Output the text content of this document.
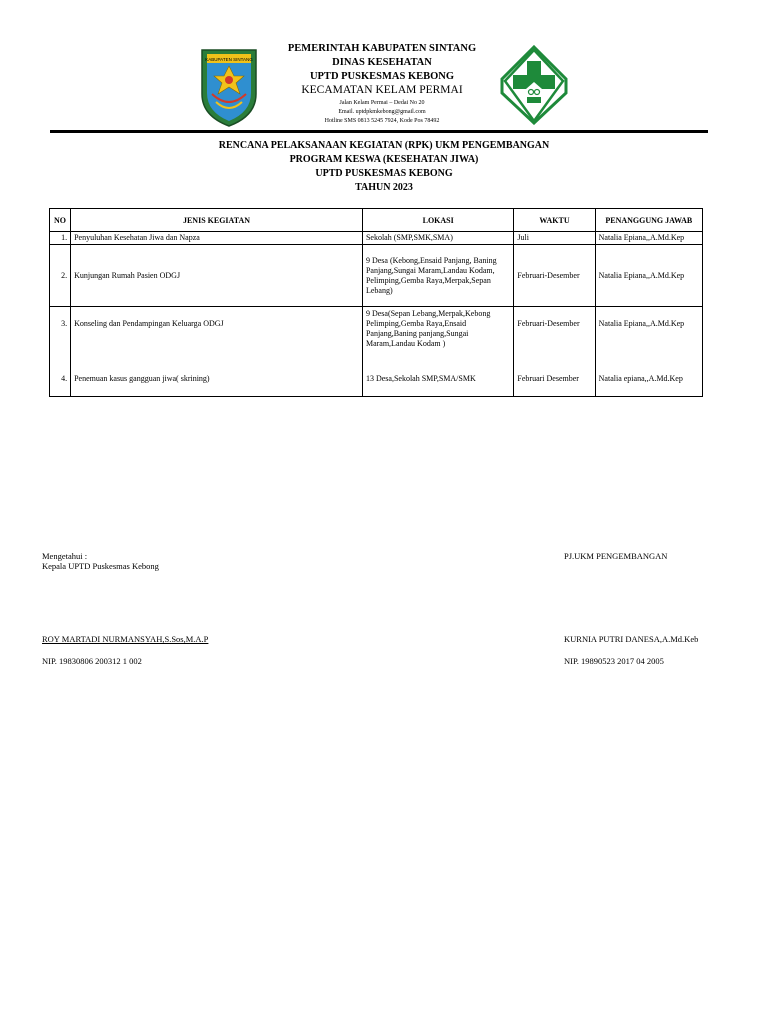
KABUPATEN SINTANG
PEMERINTAH KABUPATEN SINTANG
DINAS KESEHATAN
UPTD PUSKESMAS KEBONG
KECAMATAN KELAM PERMAI
Jalan Kelam Permai – Dedai No 20
Email. uptdpkmkebong@gmail.com
Hotline SMS 0813 5245 7924, Kode Pos 78492
RENCANA PELAKSANAAN KEGIATAN (RPK) UKM PENGEMBANGAN
PROGRAM KESWA (KESEHATAN JIWA)
UPTD PUSKESMAS KEBONG
TAHUN 2023
NO	JENIS KEGIATAN	LOKASI	WAKTU	PENANGGUNG JAWAB
1.	Penyuluhan Kesehatan Jiwa dan Napza	Sekolah (SMP,SMK,SMA)	Juli	Natalia Epiana,,A.Md.Kep
2.	Kunjungan Rumah Pasien ODGJ	9 Desa (Kebong,Ensaid Panjang, Baning Panjang,Sungai Maram,Landau Kodam, Pelimping,Gemba Raya,Merpak,Sepan Lebang)	Februari-Desember	Natalia Epiana,,A.Md.Kep
3.	Konseling dan Pendampingan Keluarga ODGJ	9 Desa(Sepan Lebang,Merpak,Kebong Pelimping,Gemba Raya,Ensaid Panjang,Baning panjang,Sungai Maram,Landau Kodam )	Februari-Desember	Natalia Epiana,,A.Md.Kep
4.	Penemuan kasus gangguan jiwa( skrining)	13 Desa,Sekolah SMP,SMA/SMK	Februari Desember	Natalia epiana,,A.Md.Kep
Mengetahui :
Kepala UPTD Puskesmas Kebong
ROY MARTADI NURMANSYAH,S.Sos,M.A.P
NIP. 19830806 200312 1 002
PJ.UKM PENGEMBANGAN
KURNIA PUTRI DANESA,A.Md.Keb
NIP. 19890523 2017 04 2005
